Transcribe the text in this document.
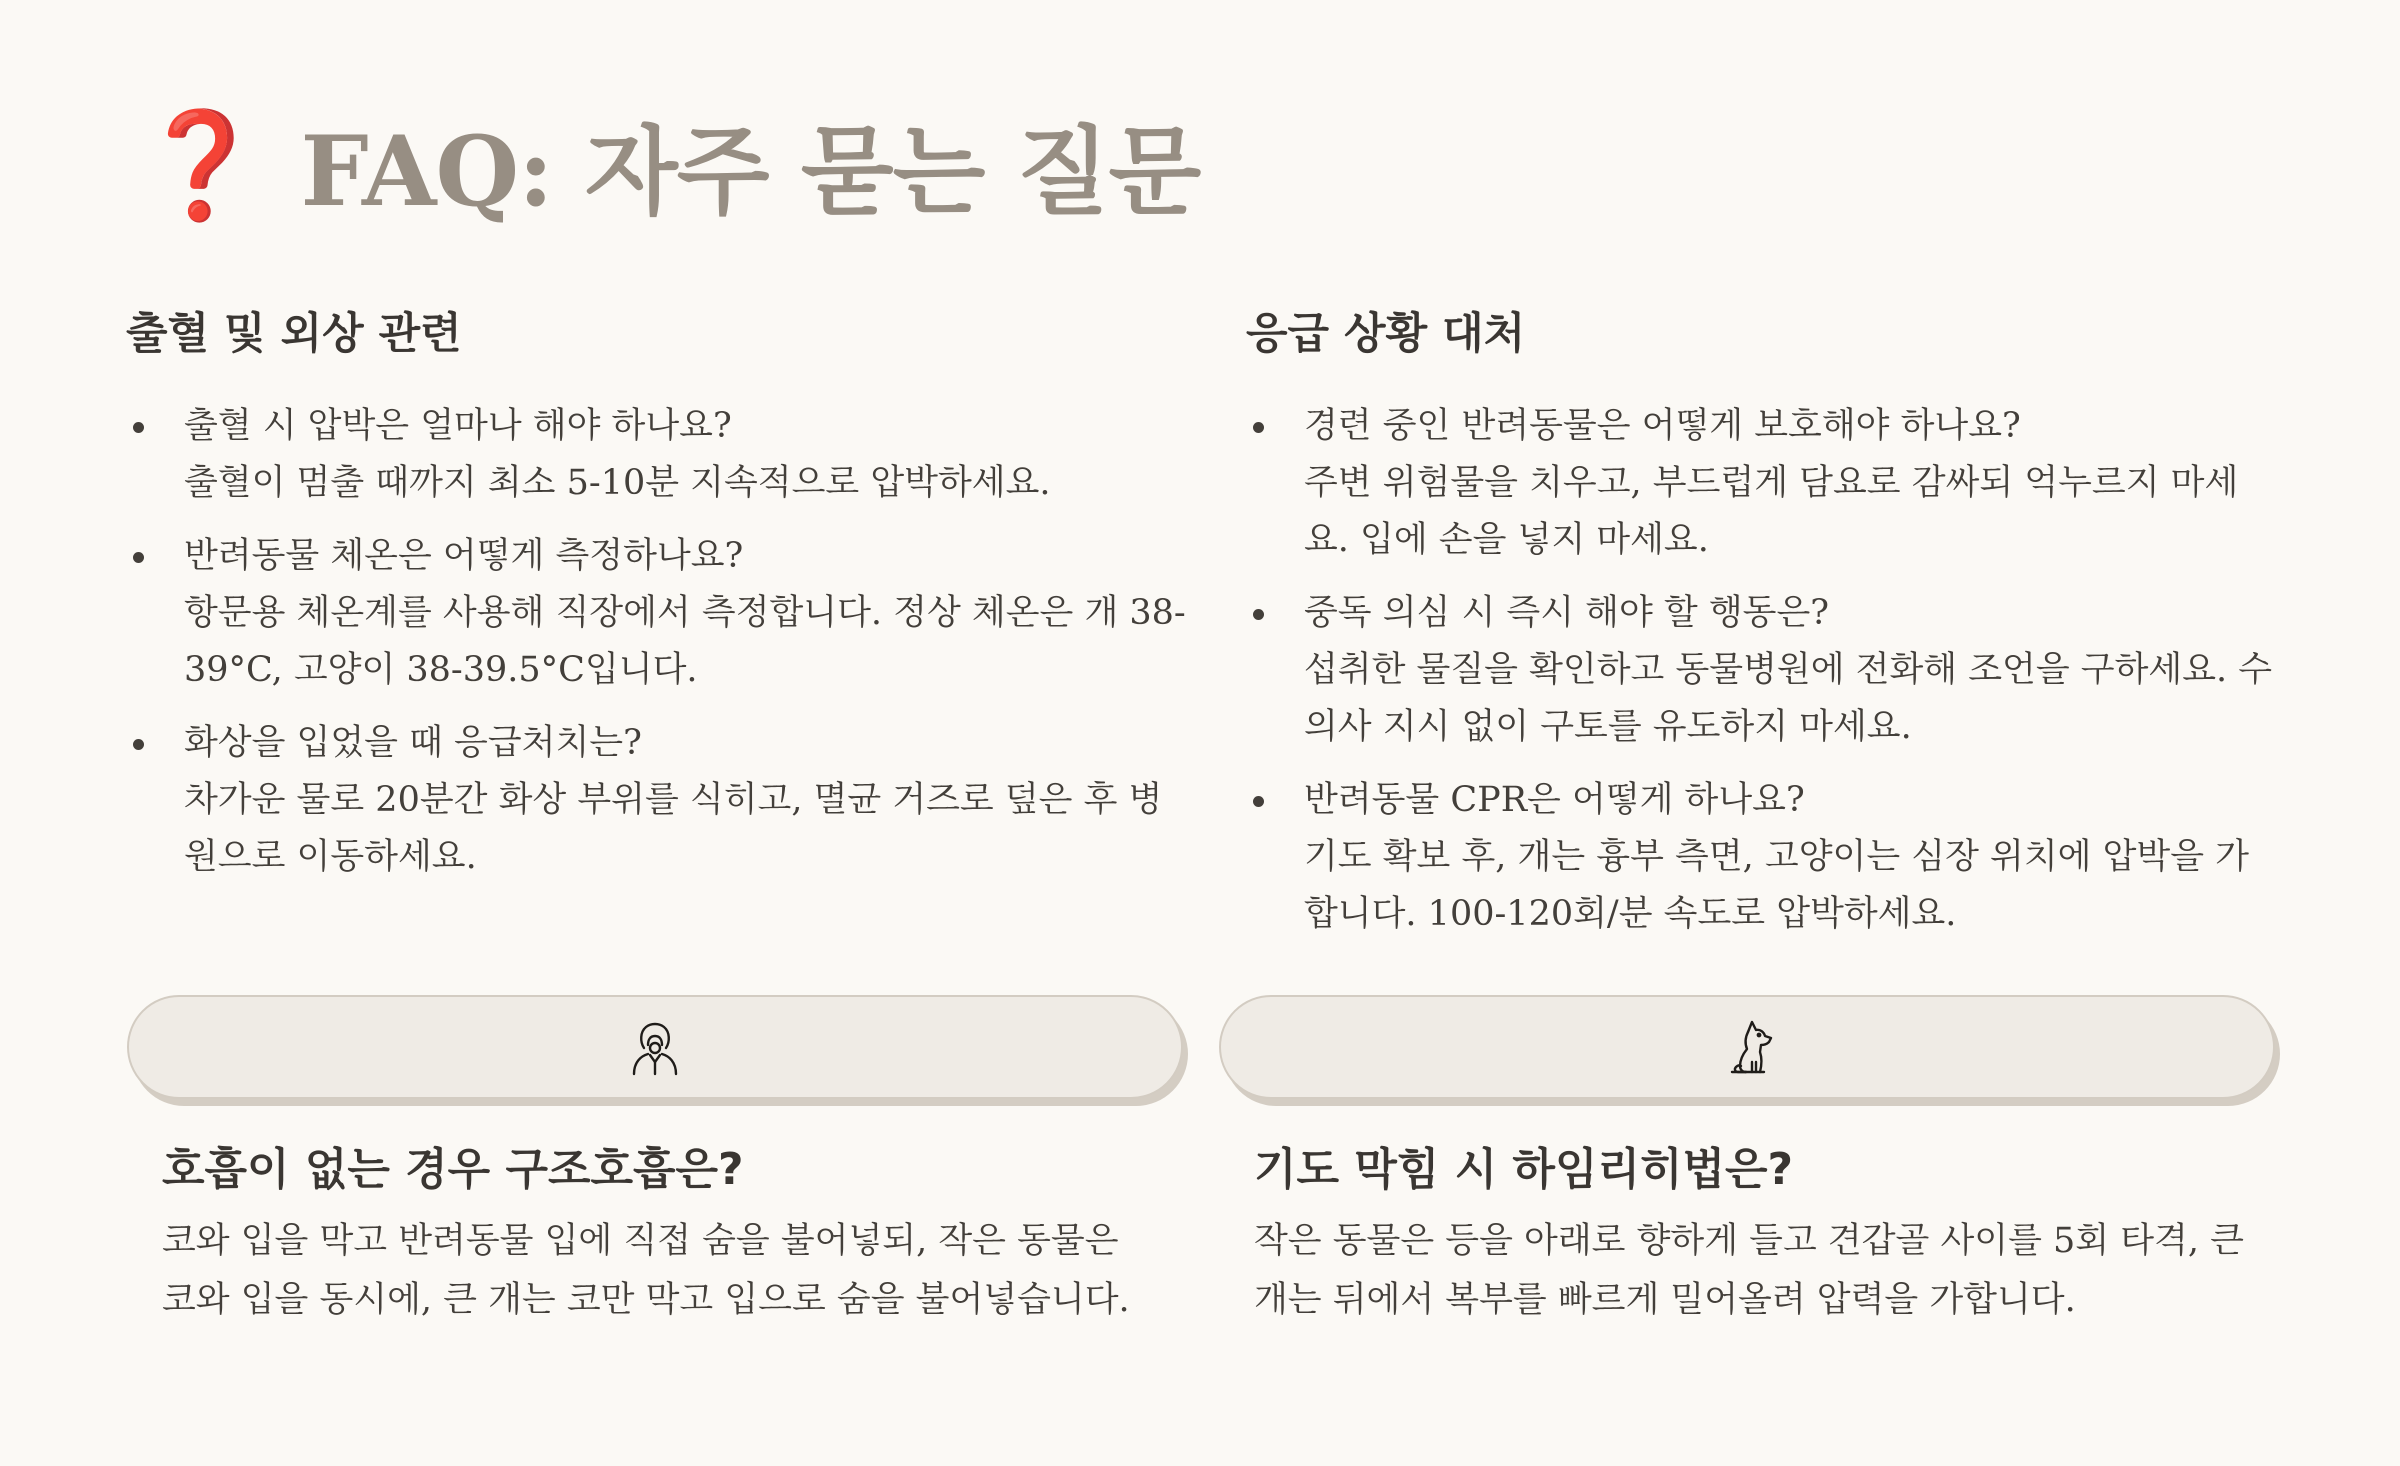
❓ FAQ: 자주 묻는 질문
출혈 및 외상 관련
출혈 시 압박은 얼마나 해야 하나요?
출혈이 멈출 때까지 최소 5-10분 지속적으로 압박하세요.
반려동물 체온은 어떻게 측정하나요?
항문용 체온계를 사용해 직장에서 측정합니다. 정상 체온은 개 38-39°C, 고양이 38-39.5°C입니다.
화상을 입었을 때 응급처치는?
차가운 물로 20분간 화상 부위를 식히고, 멸균 거즈로 덮은 후 병원으로 이동하세요.
응급 상황 대처
경련 중인 반려동물은 어떻게 보호해야 하나요?
주변 위험물을 치우고, 부드럽게 담요로 감싸되 억누르지 마세요. 입에 손을 넣지 마세요.
중독 의심 시 즉시 해야 할 행동은?
섭취한 물질을 확인하고 동물병원에 전화해 조언을 구하세요. 수의사 지시 없이 구토를 유도하지 마세요.
반려동물 CPR은 어떻게 하나요?
기도 확보 후, 개는 흉부 측면, 고양이는 심장 위치에 압박을 가합니다. 100-120회/분 속도로 압박하세요.
호흡이 없는 경우 구조호흡은?
코와 입을 막고 반려동물 입에 직접 숨을 불어넣되, 작은 동물은 코와 입을 동시에, 큰 개는 코만 막고 입으로 숨을 불어넣습니다.
기도 막힘 시 하임리히법은?
작은 동물은 등을 아래로 향하게 들고 견갑골 사이를 5회 타격, 큰 개는 뒤에서 복부를 빠르게 밀어올려 압력을 가합니다.
